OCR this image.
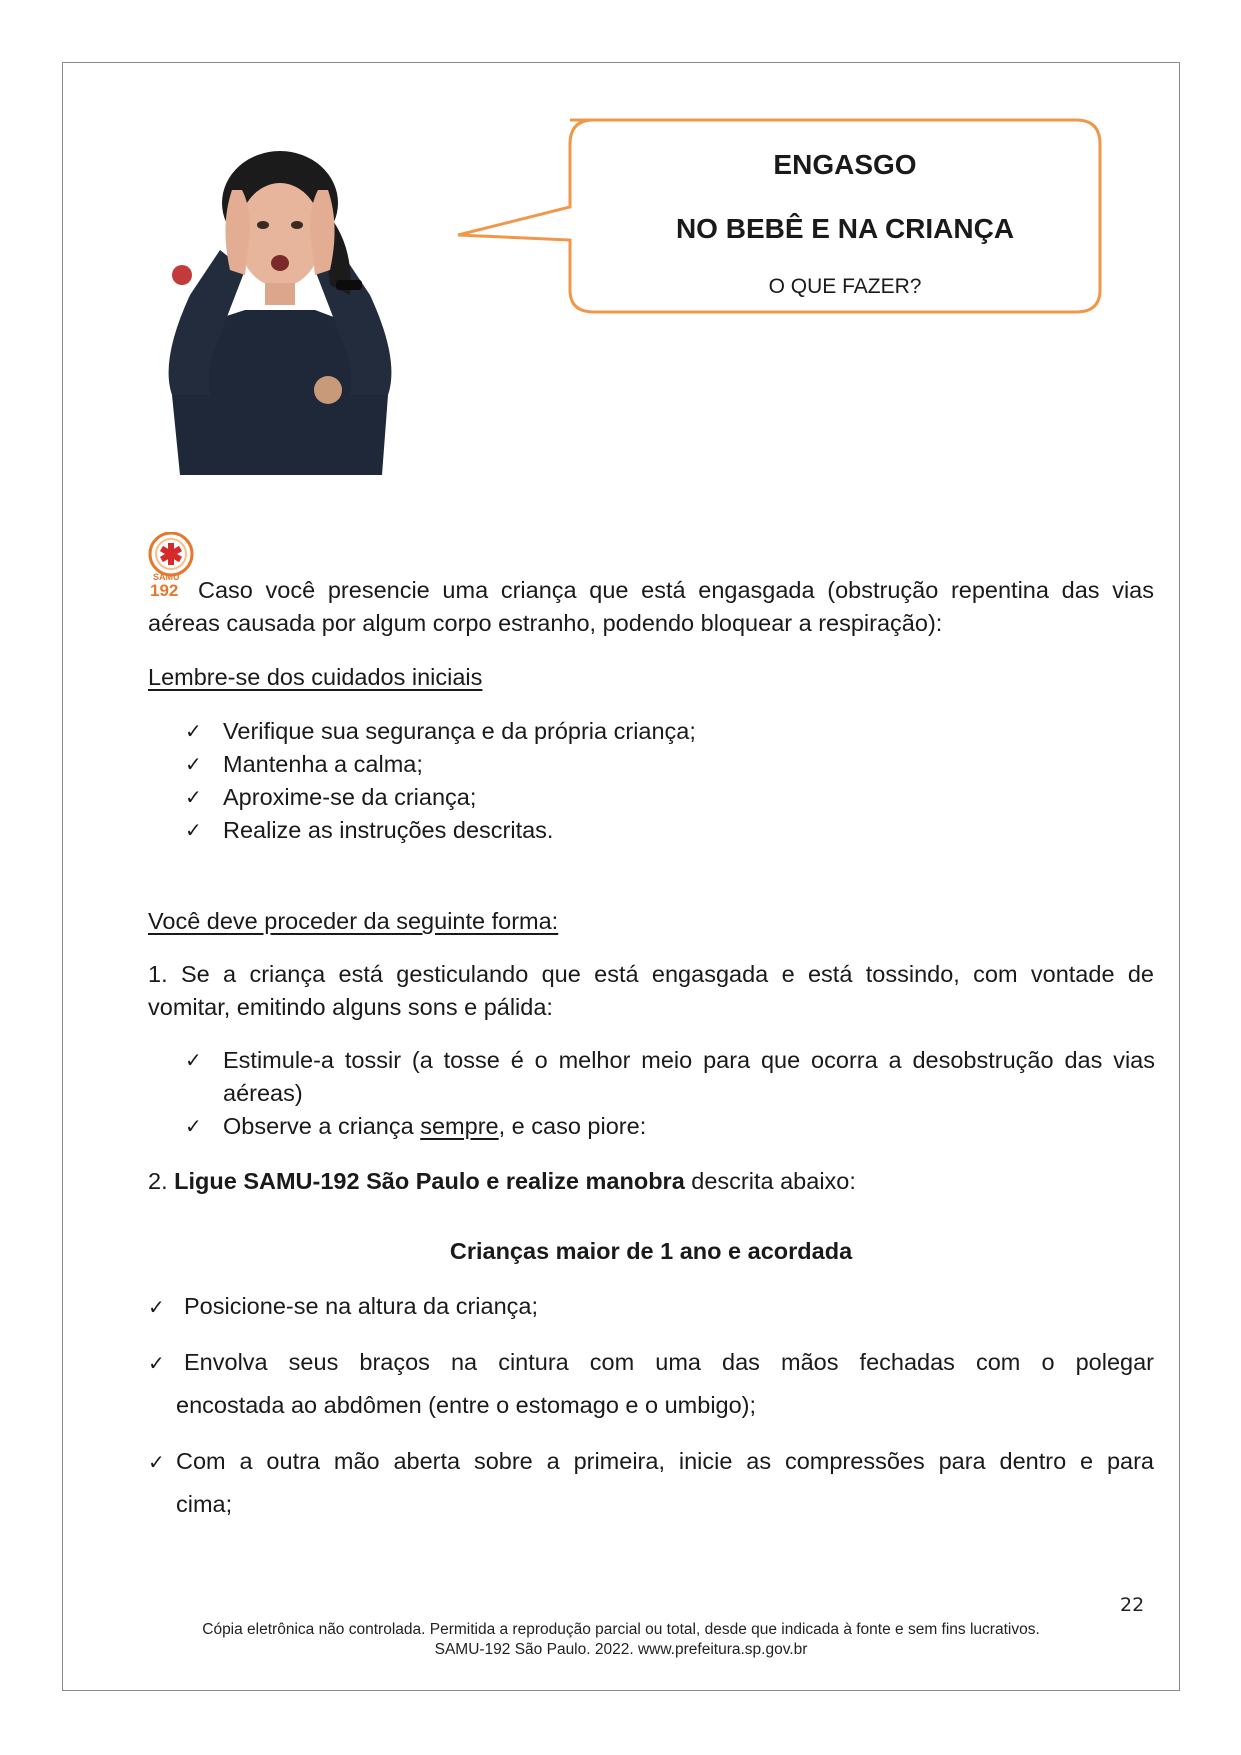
ENGASGO
NO BEBÊ E NA CRIANÇA
O QUE FAZER?
SAMU
192 Caso você presencie uma criança que está engasgada (obstrução repentina das vias
aéreas causada por algum corpo estranho, podendo bloquear a respiração):
Lembre-se dos cuidados iniciais
✓ Verifique sua segurança e da própria criança;
✓ Mantenha a calma;
✓ Aproxime-se da criança;
✓ Realize as instruções descritas.
Você deve proceder da seguinte forma:
1. Se a criança está gesticulando que está engasgada e está tossindo, com vontade de
vomitar, emitindo alguns sons e pálida:
✓ Estimule-a tossir (a tosse é o melhor meio para que ocorra a desobstrução das vias
aéreas)
✓ Observe a criança sempre, e caso piore:
2. Ligue SAMU-192 São Paulo e realize manobra descrita abaixo:
Crianças maior de 1 ano e acordada
✓ Posicione-se na altura da criança;
✓ Envolva seus braços na cintura com uma das mãos fechadas com o polegar
encostada ao abdômen (entre o estomago e o umbigo);
✓ Com a outra mão aberta sobre a primeira, inicie as compressões para dentro e para
cima;
22
Cópia eletrônica não controlada. Permitida a reprodução parcial ou total, desde que indicada à fonte e sem fins lucrativos.
SAMU-192 São Paulo. 2022. www.prefeitura.sp.gov.br
